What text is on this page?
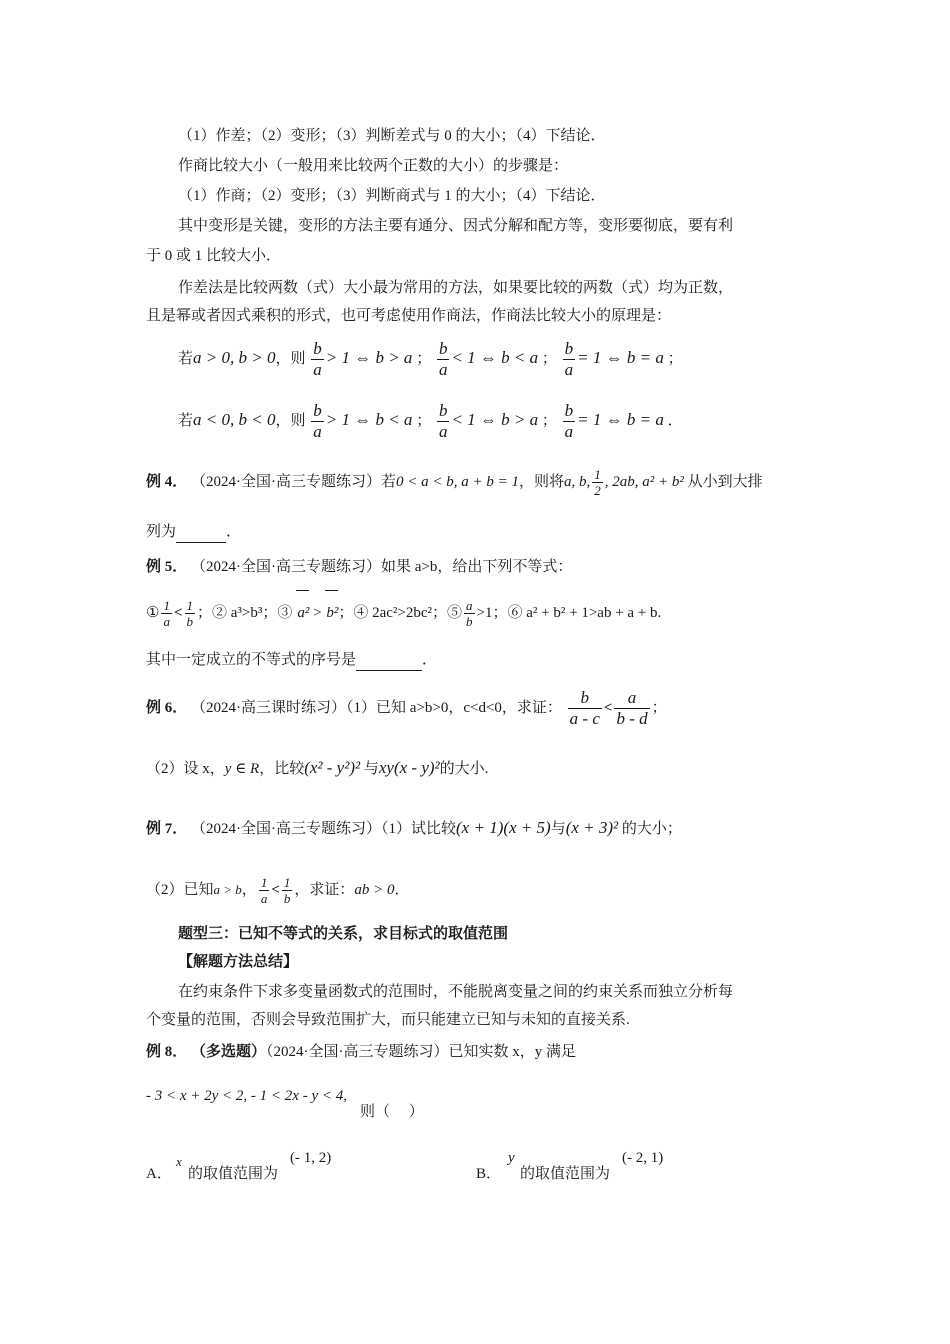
（1）作差；（2）变形；（3）判断差式与 0 的大小；（4）下结论．
作商比较大小（一般用来比较两个正数的大小）的步骤是：
（1）作商；（2）变形；（3）判断商式与 1 的大小；（4）下结论．
其中变形是关键，变形的方法主要有通分、因式分解和配方等，变形要彻底，要有利
于 0 或 1 比较大小．
作差法是比较两数（式）大小最为常用的方法，如果要比较的两数（式）均为正数，
且是幂或者因式乘积的形式，也可考虑使用作商法，作商法比较大小的原理是：
若a > 0, b > 0，则 $\frac{b}{a} > 1$ ⇔ b > a ； $\frac{b}{a} < 1$ ⇔ b < a ； $\frac{b}{a} = 1$ ⇔ b = a ；
若a < 0, b < 0，则 $\frac{b}{a} > 1$ ⇔ b < a ； $\frac{b}{a} < 1$ ⇔ b > a ； $\frac{b}{a} = 1$ ⇔ b = a ．
例 4． （2024·全国·高三专题练习）若0 < a < b, a + b = 1，则将a, b, $\frac{1}{2}$ , 2ab, a² + b² 从小到大排
列为	．
例 5． （2024·全国·高三专题练习）如果 a>b，给出下列不等式：
① $\frac{1}{a} < \frac{1}{b}$ ；② a³>b³；③ a² > b²；④ 2ac²>2bc²；⑤ $\frac{a}{b} >1$；⑥ a² + b² + 1>ab + a + b.
其中一定成立的不等式的序号是	．
例 6． （2024·高三课时练习）（1）已知 a>b>0，c<d<0，求证： $\frac{b}{a - c} < \frac{a}{b - d}$ ；
（2）设 x，y ∈ R，比较(x² - y²)² 与xy(x - y)²的大小.
例 7． （2024·全国·高三专题练习）（1）试比较(x + 1)(x + 5)与(x + 3)² 的大小；
（2）已知a > b， $\frac{1}{a} < \frac{1}{b}$ ，求证：ab > 0．
题型三：已知不等式的关系，求目标式的取值范围
【解题方法总结】
在约束条件下求多变量函数式的范围时，不能脱离变量之间的约束关系而独立分析每
个变量的范围，否则会导致范围扩大，而只能建立已知与未知的直接关系.
例 8． （多选题）（2024·全国·高三专题练习）已知实数 x，y 满足
- 3 < x + 2y < 2, - 1 < 2x - y < 4,
则（　 ）
A．
x
的取值范围为
(- 1, 2)
B．
y
的取值范围为
(- 2, 1)
